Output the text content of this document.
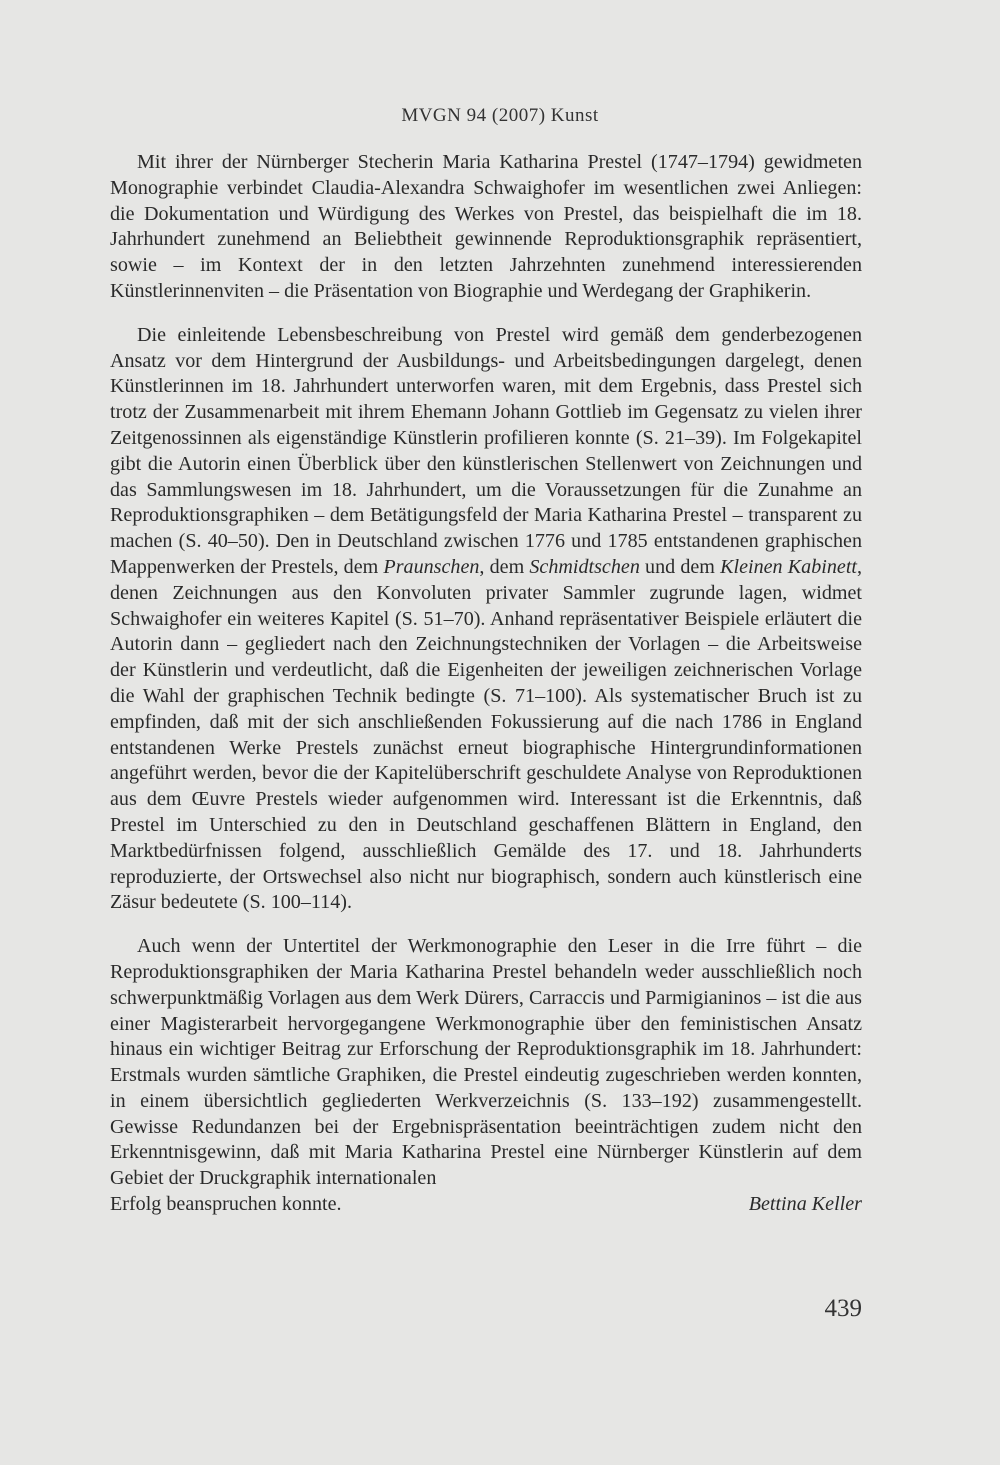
MVGN 94 (2007) Kunst

Mit ihrer der Nürnberger Stecherin Maria Katharina Prestel (1747–1794) gewidmeten Monographie verbindet Claudia-Alexandra Schwaighofer im wesentlichen zwei Anliegen: die Dokumentation und Würdigung des Werkes von Prestel, das beispielhaft die im 18. Jahrhundert zunehmend an Beliebtheit gewinnende Reproduktionsgraphik repräsentiert, sowie – im Kontext der in den letzten Jahrzehnten zunehmend interessierenden Künstlerinnenviten – die Präsentation von Biographie und Werdegang der Graphikerin.

Die einleitende Lebensbeschreibung von Prestel wird gemäß dem genderbezogenen Ansatz vor dem Hintergrund der Ausbildungs- und Arbeitsbedingungen dargelegt, denen Künstlerinnen im 18. Jahrhundert unterworfen waren, mit dem Ergebnis, dass Prestel sich trotz der Zusammenarbeit mit ihrem Ehemann Johann Gottlieb im Gegensatz zu vielen ihrer Zeitgenossinnen als eigenständige Künstlerin profilieren konnte (S. 21–39). Im Folgekapitel gibt die Autorin einen Überblick über den künstlerischen Stellenwert von Zeichnungen und das Sammlungswesen im 18. Jahrhundert, um die Voraussetzungen für die Zunahme an Reproduktionsgraphiken – dem Betätigungsfeld der Maria Katharina Prestel – transparent zu machen (S. 40–50). Den in Deutschland zwischen 1776 und 1785 entstandenen graphischen Mappenwerken der Prestels, dem Praunschen, dem Schmidtschen und dem Kleinen Kabinett, denen Zeichnungen aus den Konvoluten privater Sammler zugrunde lagen, widmet Schwaighofer ein weiteres Kapitel (S. 51–70). Anhand repräsentativer Beispiele erläutert die Autorin dann – gegliedert nach den Zeichnungstechniken der Vorlagen – die Arbeitsweise der Künstlerin und verdeutlicht, daß die Eigenheiten der jeweiligen zeichnerischen Vorlage die Wahl der graphischen Technik bedingte (S. 71–100). Als systematischer Bruch ist zu empfinden, daß mit der sich anschließenden Fokussierung auf die nach 1786 in England entstandenen Werke Prestels zunächst erneut biographische Hintergrundinformationen angeführt werden, bevor die der Kapitelüberschrift geschuldete Analyse von Reproduktionen aus dem Œuvre Prestels wieder aufgenommen wird. Interessant ist die Erkenntnis, daß Prestel im Unterschied zu den in Deutschland geschaffenen Blättern in England, den Marktbedürfnissen folgend, ausschließlich Gemälde des 17. und 18. Jahrhunderts reproduzierte, der Ortswechsel also nicht nur biographisch, sondern auch künstlerisch eine Zäsur bedeutete (S. 100–114).

Auch wenn der Untertitel der Werkmonographie den Leser in die Irre führt – die Reproduktionsgraphiken der Maria Katharina Prestel behandeln weder ausschließlich noch schwerpunktmäßig Vorlagen aus dem Werk Dürers, Carraccis und Parmigianinos – ist die aus einer Magisterarbeit hervorgegangene Werkmonographie über den feministischen Ansatz hinaus ein wichtiger Beitrag zur Erforschung der Reproduktionsgraphik im 18. Jahrhundert: Erstmals wurden sämtliche Graphiken, die Prestel eindeutig zugeschrieben werden konnten, in einem übersichtlich gegliederten Werkverzeichnis (S. 133–192) zusammengestellt. Gewisse Redundanzen bei der Ergebnispräsentation beeinträchtigen zudem nicht den Erkenntnisgewinn, daß mit Maria Katharina Prestel eine Nürnberger Künstlerin auf dem Gebiet der Druckgraphik internationalen
Erfolg beanspruchen konnte.	Bettina Keller

439
